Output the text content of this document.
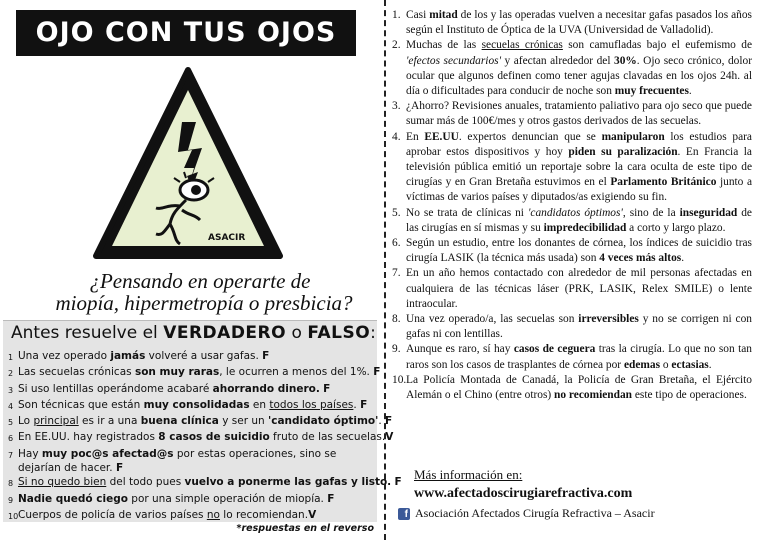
OJO CON TUS OJOS
ASACIR
¿Pensando en operarte de
miopía, hipermetropía o presbicia?
Antes resuelve el VERDADERO o FALSO:
1 Una vez operado jamás volveré a usar gafas. F
2 Las secuelas crónicas son muy raras, le ocurren a menos del 1%. F
3 Si uso lentillas operándome acabaré ahorrando dinero. F
4 Son técnicas que están muy consolidadas en todos los países. F
5 Lo principal es ir a una buena clínica y ser un 'candidato óptimo'. F
6 En EE.UU. hay registrados 8 casos de suicidio fruto de las secuelas.V
7 Hay muy poc@s afectad@s por estas operaciones, sino se dejarían de hacer. F
8 Si no quedo bien del todo pues vuelvo a ponerme las gafas y listo. F
9 Nadie quedó ciego por una simple operación de miopía. F
10 Cuerpos de policía de varios países no lo recomiendan.V
*respuestas en el reverso
1. Casi mitad de los y las operadas vuelven a necesitar gafas pasados los años según el Instituto de Óptica de la UVA (Universidad de Valladolid).
2. Muchas de las secuelas crónicas son camufladas bajo el eufemismo de 'efectos secundarios' y afectan alrededor del 30%. Ojo seco crónico, dolor ocular que algunos definen como tener agujas clavadas en los ojos 24h. al día o dificultades para conducir de noche son muy frecuentes.
3. ¿Ahorro? Revisiones anuales, tratamiento paliativo para ojo seco que puede sumar más de 100€/mes y otros gastos derivados de las secuelas.
4. En EE.UU. expertos denuncian que se manipularon los estudios para aprobar estos dispositivos y hoy piden su paralización. En Francia la televisión pública emitió un reportaje sobre la cara oculta de este tipo de cirugías y en Gran Bretaña estuvimos en el Parlamento Británico junto a víctimas de varios países y diputados/as exigiendo su fin.
5. No se trata de clínicas ni 'candidatos óptimos', sino de la inseguridad de las cirugías en sí mismas y su impredecibilidad a corto y largo plazo.
6. Según un estudio, entre los donantes de córnea, los índices de suicidio tras cirugía LASIK (la técnica más usada) son 4 veces más altos.
7. En un año hemos contactado con alrededor de mil personas afectadas en cualquiera de las técnicas láser (PRK, LASIK, Relex SMILE) o lente intraocular.
8. Una vez operado/a, las secuelas son irreversibles y no se corrigen ni con gafas ni con lentillas.
9. Aunque es raro, sí hay casos de ceguera tras la cirugía. Lo que no son tan raros son los casos de trasplantes de córnea por edemas o ectasias.
10. La Policía Montada de Canadá, la Policía de Gran Bretaña, el Ejército Alemán o el Chino (entre otros) no recomiendan este tipo de operaciones.
Más información en:
www.afectadoscirugiarefractiva.com
f Asociación Afectados Cirugía Refractiva – Asacir
